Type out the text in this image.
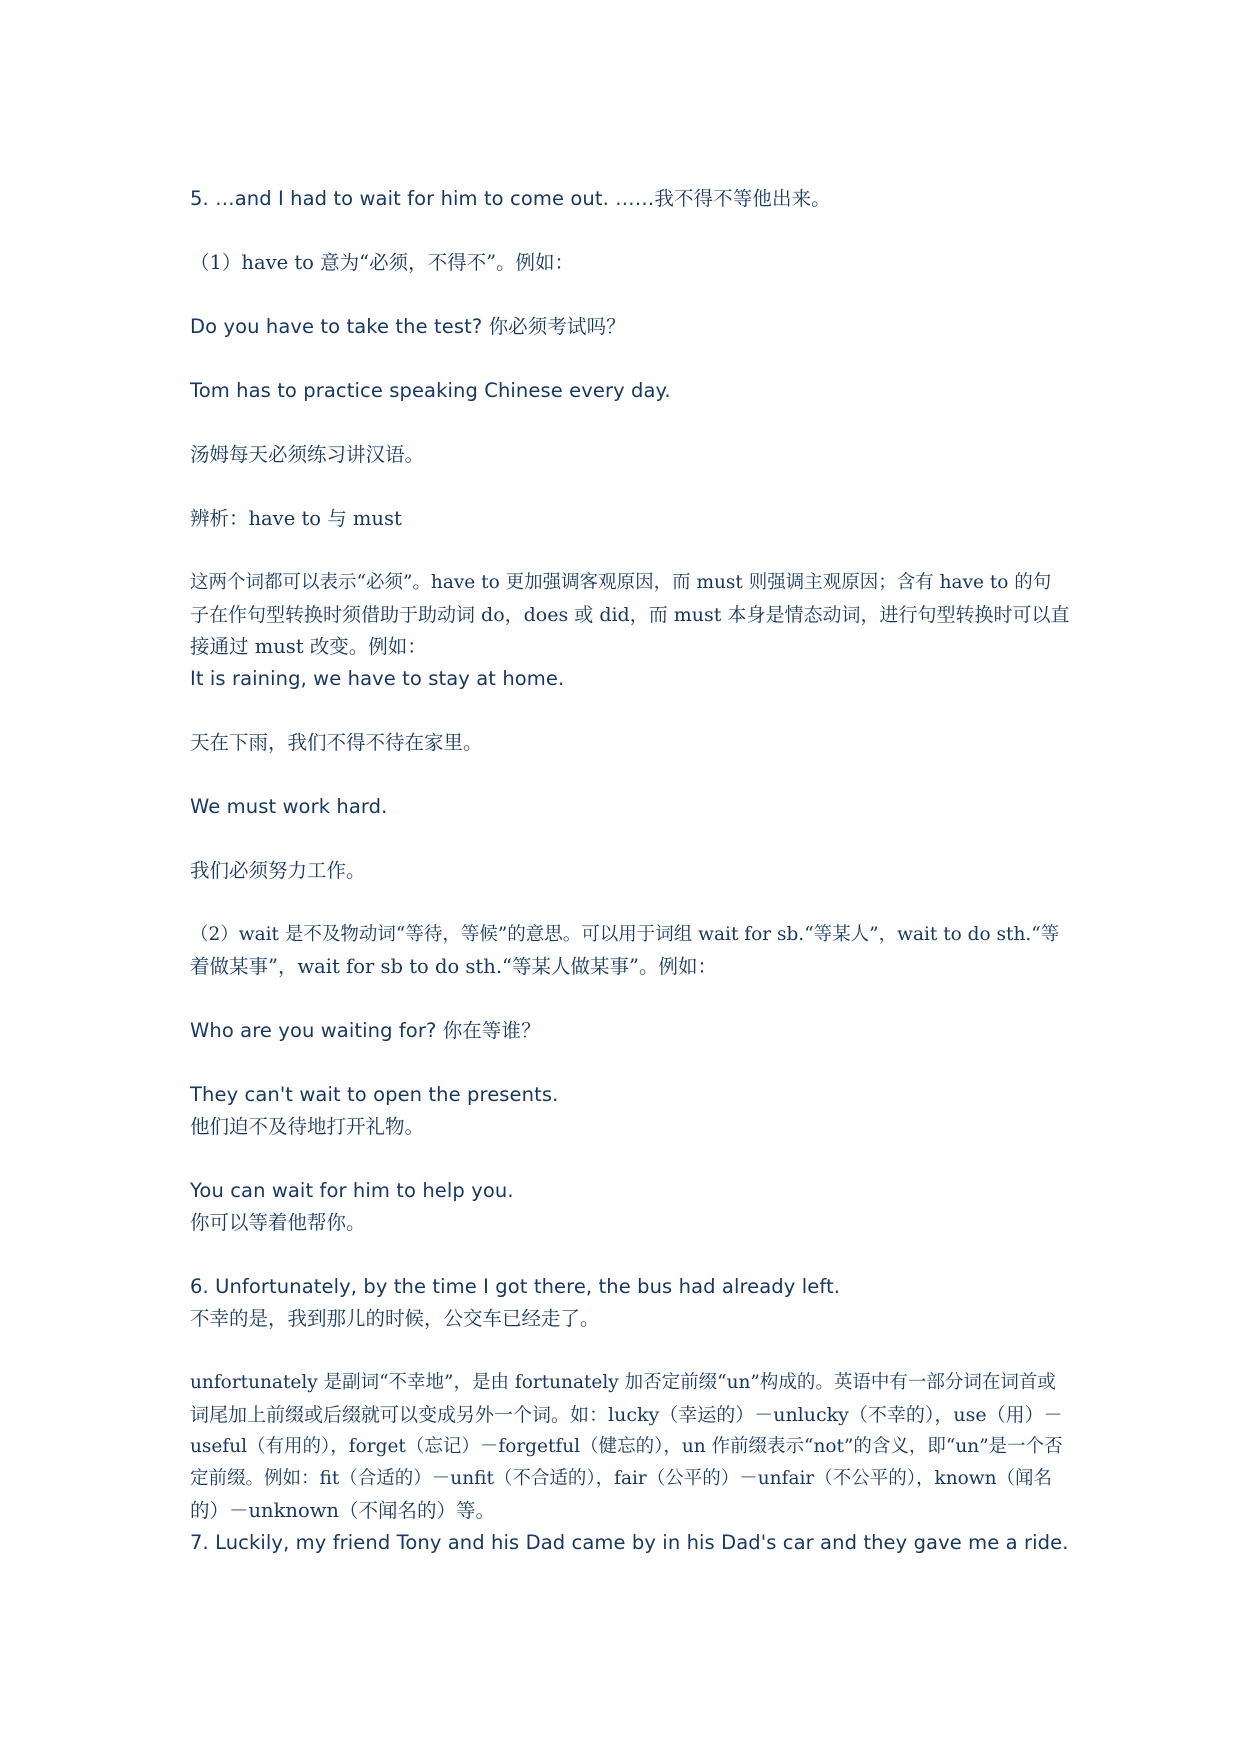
5. …and I had to wait for him to come out. ……我不得不等他出来。
（1）have to 意为“必须，不得不”。例如：
Do you have to take the test? 你必须考试吗？
Tom has to practice speaking Chinese every day.
汤姆每天必须练习讲汉语。
辨析：have to 与 must
这两个词都可以表示“必须”。have to 更加强调客观原因，而 must 则强调主观原因；含有 have to 的句
子在作句型转换时须借助于助动词 do，does 或 did，而 must 本身是情态动词，进行句型转换时可以直
接通过 must 改变。例如：
It is raining, we have to stay at home.
天在下雨，我们不得不待在家里。
We must work hard.
我们必须努力工作。
（2）wait 是不及物动词“等待，等候”的意思。可以用于词组 wait for sb.“等某人”，wait to do sth.“等
着做某事”，wait for sb to do sth.“等某人做某事”。例如：
Who are you waiting for? 你在等谁？
They can't wait to open the presents.
他们迫不及待地打开礼物。
You can wait for him to help you.
你可以等着他帮你。
6. Unfortunately, by the time I got there, the bus had already left.
不幸的是，我到那儿的时候，公交车已经走了。
unfortunately 是副词“不幸地”，是由 fortunately 加否定前缀“un”构成的。英语中有一部分词在词首或
词尾加上前缀或后缀就可以变成另外一个词。如：lucky（幸运的）－unlucky（不幸的），use（用）－
useful（有用的），forget（忘记）－forgetful（健忘的），un 作前缀表示“not”的含义，即“un”是一个否
定前缀。例如：fit（合适的）－unfit（不合适的），fair（公平的）－unfair（不公平的），known（闻名
的）－unknown（不闻名的）等。
7. Luckily, my friend Tony and his Dad came by in his Dad's car and they gave me a ride.
